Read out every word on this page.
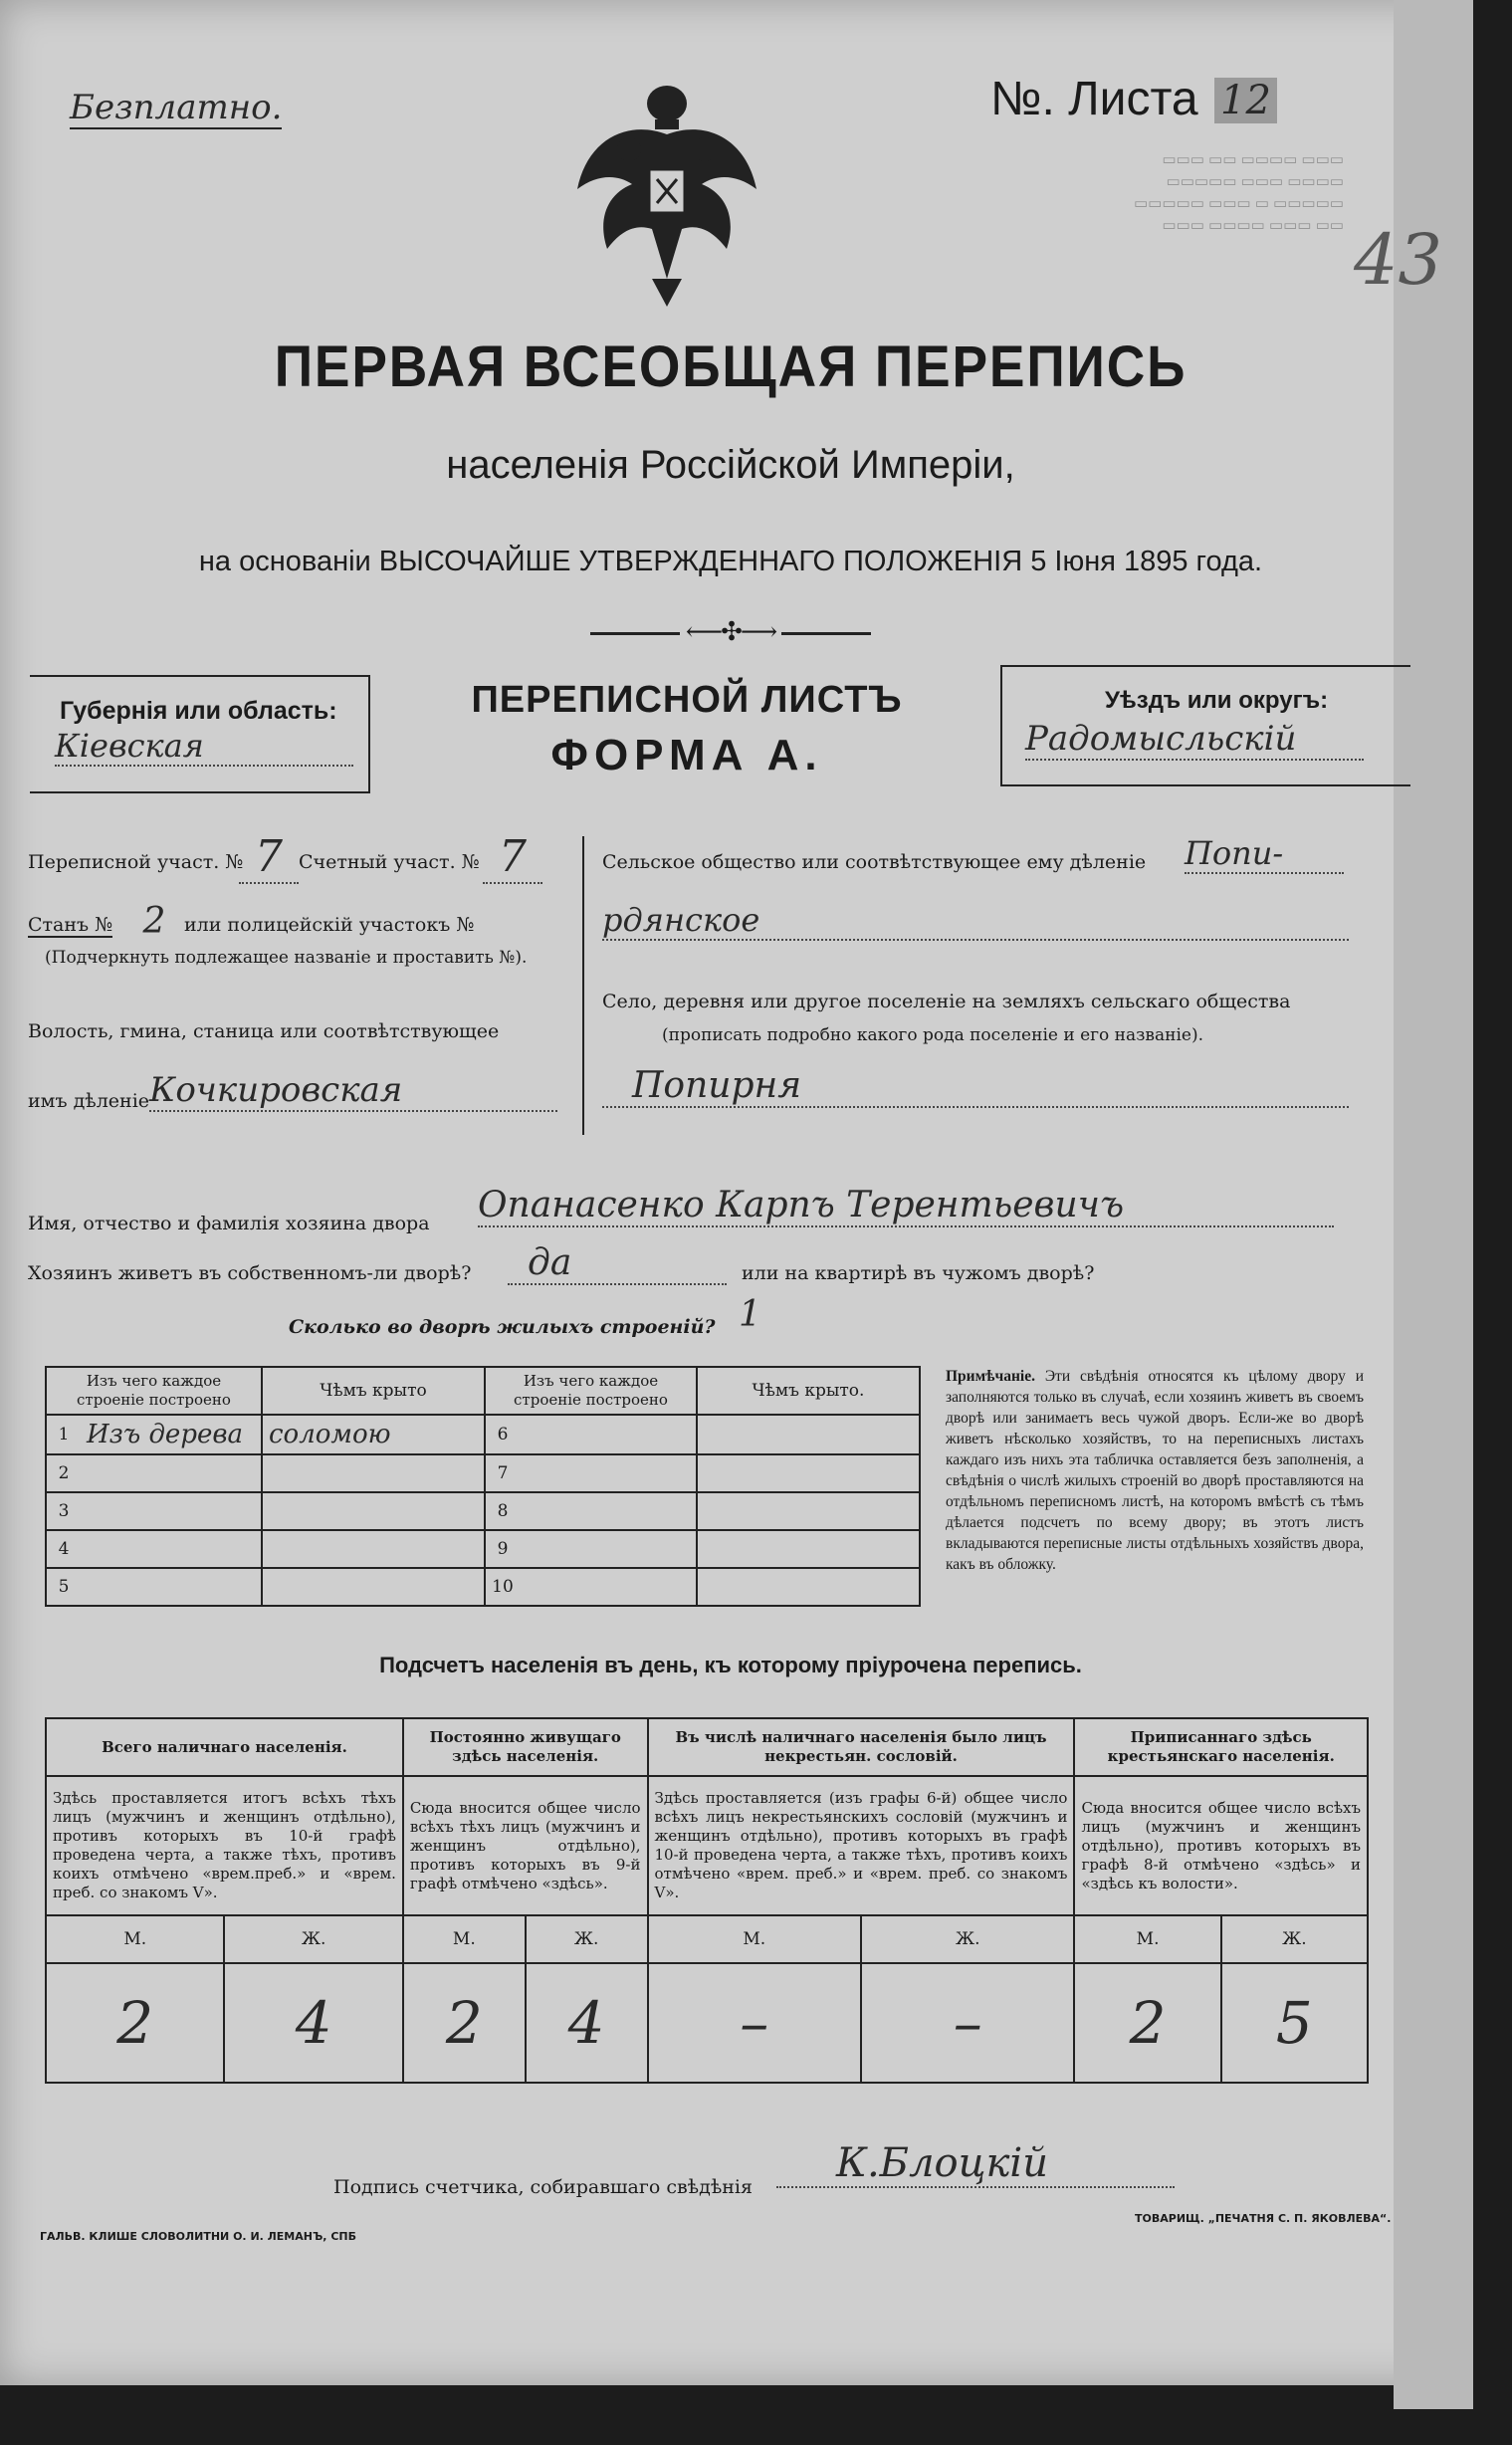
▭▭▭ ▭▭▭▭ ▭▭ ▭▭▭
▭▭▭▭ ▭▭▭ ▭▭▭▭▭
▭▭▭▭▭ ▭ ▭▭▭ ▭▭▭▭▭
▭▭ ▭▭▭ ▭▭▭▭ ▭▭▭
Безплатно.	№. Листа 12
43
ПЕРВАЯ ВСЕОБЩАЯ ПЕРЕПИСЬ
населенія Россійской Имперіи,
на основаніи ВЫСОЧАЙШЕ УТВЕРЖДЕННАГО ПОЛОЖЕНІЯ 5 Іюня 1895 года.
⟵✣⟶
Губернія или область:
Кіевская
ПЕРЕПИСНОЙ ЛИСТЪ
ФОРМА А.
Уѣздъ или округъ:
Радомысльскій
Переписной участ. № 7 Счетный участ. № 7
Станъ № 2 или полицейскій участокъ №
(Подчеркнуть подлежащее названіе и проставить №).
Волость, гмина, станица или соотвѣтствующее
имъ дѣленіе Кочкировская
Сельское общество или соотвѣтствующее ему дѣленіе Попи-
рдянское
Село, деревня или другое поселеніе на земляхъ сельскаго общества
(прописать подробно какого рода поселеніе и его названіе).
Попирня
Имя, отчество и фамилія хозяина двора Опанасенко Карпъ Терентьевичъ
Хозяинъ живетъ въ собственномъ-ли дворѣ?	да	или на квартирѣ въ чужомъ дворѣ?
Сколько во дворѣ жилыхъ строеній? 1
Изъ чего каждое строеніе построено		Чѣмъ крыто	Изъ чего каждое строеніе построено		Чѣмъ крыто.
1	Изъ дерева	соломою	6		
2			7		
3			8		
4			9		
5			10		
Примѣчаніе. Эти свѣдѣнія относятся къ цѣлому двору и заполняются только въ случаѣ, если хозяинъ живетъ въ своемъ дворѣ или занимаетъ весь чужой дворъ. Если-же во дворѣ живетъ нѣсколько хозяйствъ, то на переписныхъ листахъ каждаго изъ нихъ эта табличка оставляется безъ заполненія, а свѣдѣнія о числѣ жилыхъ строеній во дворѣ проставляются на отдѣльномъ переписномъ листѣ, на которомъ вмѣстѣ съ тѣмъ дѣлается подсчетъ по всему двору; въ этотъ листъ вкладываются переписные листы отдѣльныхъ хозяйствъ двора, какъ въ обложку.
Подсчетъ населенія въ день, къ которому пріурочена перепись.
Всего наличнаго населенія.		Постоянно живущаго здѣсь населенія.		Въ числѣ наличнаго населенія было лицъ некрестьян. сословій.		Приписаннаго здѣсь крестьянскаго населенія.	
Здѣсь проставляется итогъ всѣхъ тѣхъ лицъ (мужчинъ и женщинъ отдѣльно), противъ которыхъ въ 10-й графѣ проведена черта, а также тѣхъ, противъ коихъ отмѣчено «врем.преб.» и «врем. преб. со знакомъ V».		Сюда вносится общее число всѣхъ тѣхъ лицъ (мужчинъ и женщинъ отдѣльно), противъ которыхъ въ 9-й графѣ отмѣчено «здѣсь».		Здѣсь проставляется (изъ графы 6-й) общее число всѣхъ лицъ некрестьянскихъ сословій (мужчинъ и женщинъ отдѣльно), противъ которыхъ въ графѣ 10-й проведена черта, а также тѣхъ, противъ коихъ отмѣчено «врем. преб.» и «врем. преб. со знакомъ V».		Сюда вносится общее число всѣхъ лицъ (мужчинъ и женщинъ отдѣльно), противъ которыхъ въ графѣ 8-й отмѣчено «здѣсь» и «здѣсь къ волости».	
М.	Ж.	М.	Ж.	М.	Ж.	М.	Ж.
2	4	2	4	–	–	2	5
Подпись счетчика, собиравшаго свѣдѣнія
К.Блоцкій
ГАЛЬВ. КЛИШЕ СЛОВОЛИТНИ О. И. ЛЕМАНЪ, СПБ
ТОВАРИЩ. „ПЕЧАТНЯ С. П. ЯКОВЛЕВА“.
